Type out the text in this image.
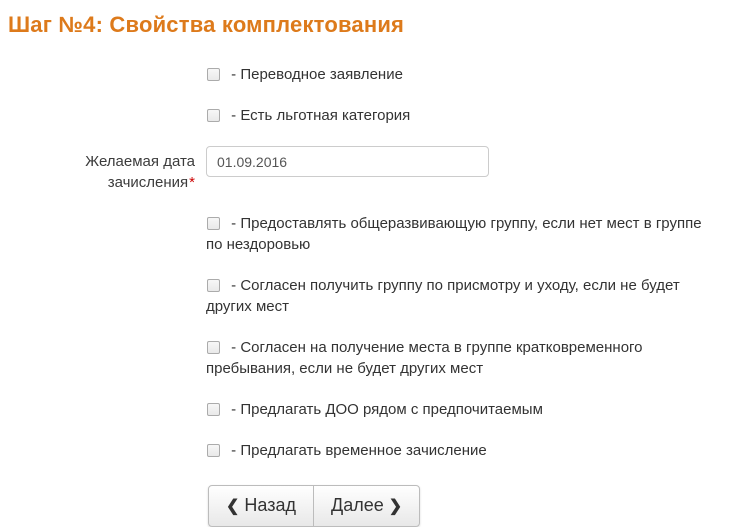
Шаг №4: Свойства комплектования
- Переводное заявление
- Есть льготная категория
Желаемая дата зачисления*
01.09.2016
- Предоставлять общеразвивающую группу, если нет мест в группе по нездоровью
- Согласен получить группу по присмотру и уходу, если не будет других мест
- Согласен на получение места в группе кратковременного пребывания, если не будет других мест
- Предлагать ДОО рядом с предпочитаемым
- Предлагать временное зачисление
❮ Назад	Далее ❯
